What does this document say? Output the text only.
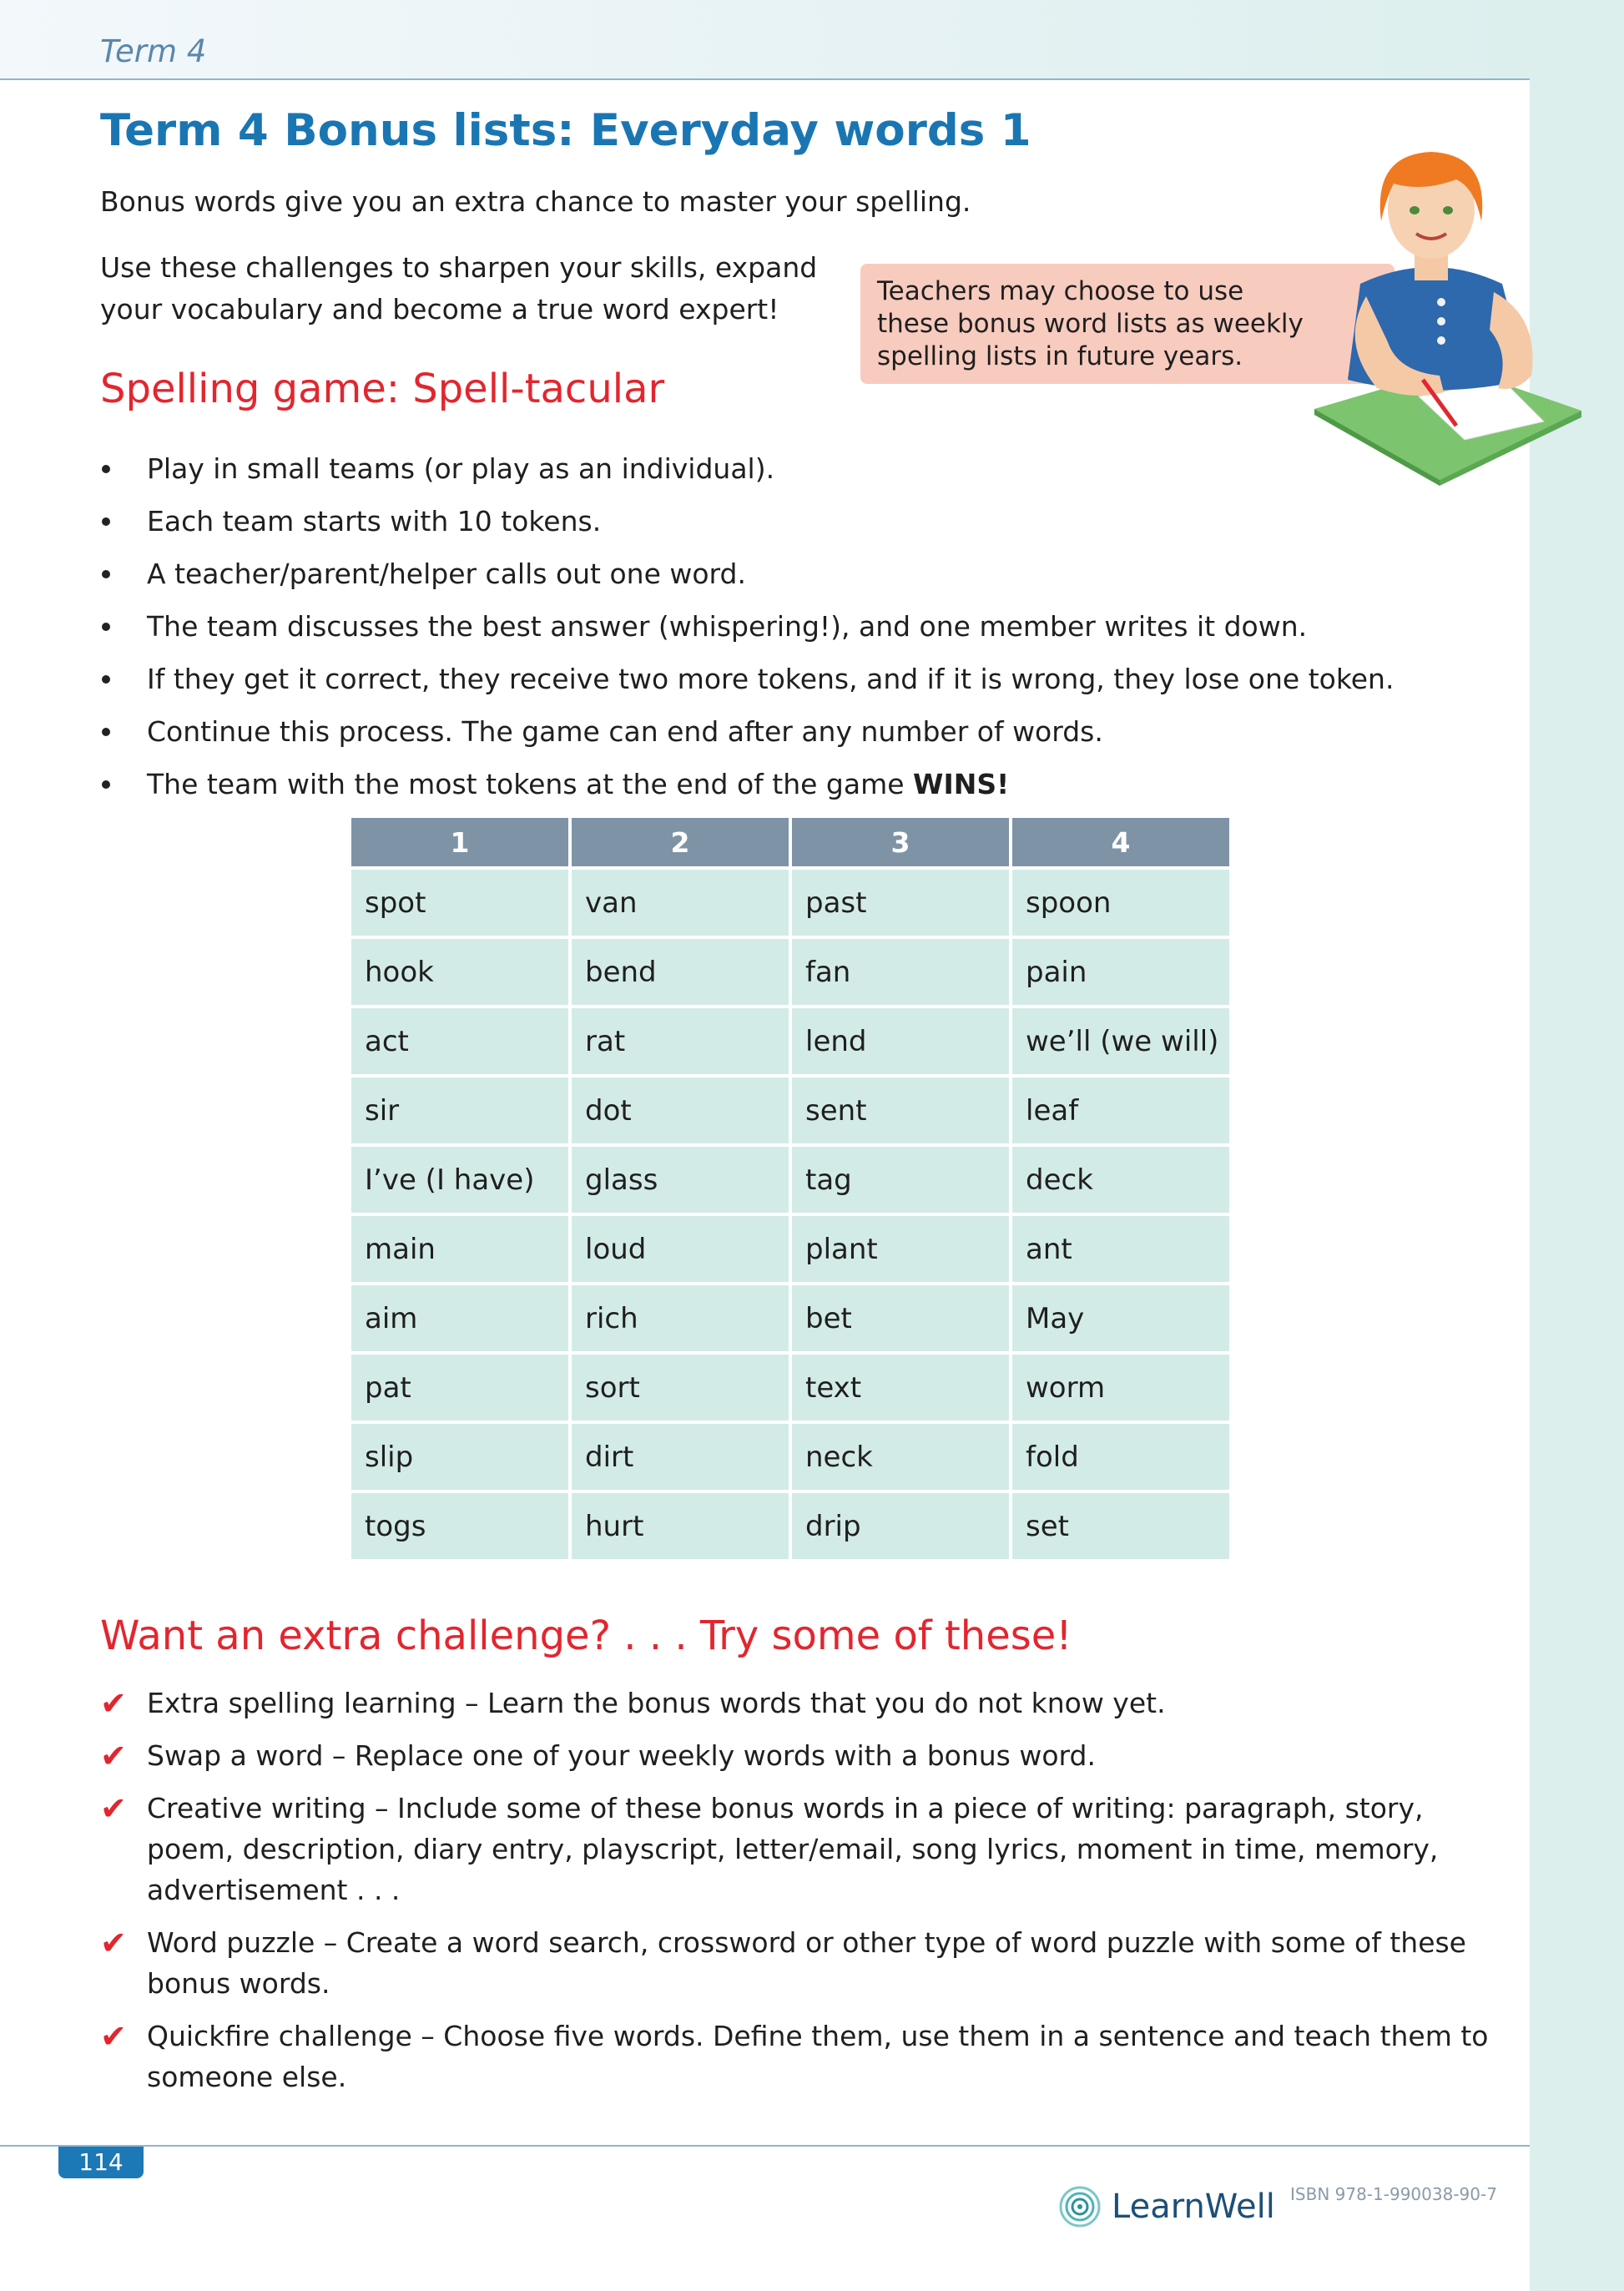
Term 4
Term 4 Bonus lists: Everyday words 1
Bonus words give you an extra chance to master your spelling.
Use these challenges to sharpen your skills, expand
your vocabulary and become a true word expert!
Teachers may choose to use
these bonus word lists as weekly
spelling lists in future years.
Spelling game: Spell-tacular
Play in small teams (or play as an individual).
Each team starts with 10 tokens.
A teacher/parent/helper calls out one word.
The team discusses the best answer (whispering!), and one member writes it down.
If they get it correct, they receive two more tokens, and if it is wrong, they lose one token.
Continue this process. The game can end after any number of words.
The team with the most tokens at the end of the game WINS!
1	2	3	4
spot	van	past	spoon
hook	bend	fan	pain
act	rat	lend	we’ll (we will)
sir	dot	sent	leaf
I’ve (I have)	glass	tag	deck
main	loud	plant	ant
aim	rich	bet	May
pat	sort	text	worm
slip	dirt	neck	fold
togs	hurt	drip	set
Want an extra challenge? . . . Try some of these!
✔ Extra spelling learning – Learn the bonus words that you do not know yet.
✔ Swap a word – Replace one of your weekly words with a bonus word.
✔ Creative writing – Include some of these bonus words in a piece of writing: paragraph, story, poem, description, diary entry, playscript, letter/email, song lyrics, moment in time, memory, advertisement . . .
✔ Word puzzle – Create a word search, crossword or other type of word puzzle with some of these bonus words.
✔ Quickfire challenge – Choose five words. Define them, use them in a sentence and teach them to someone else.
114
LearnWell ISBN 978-1-990038-90-7
